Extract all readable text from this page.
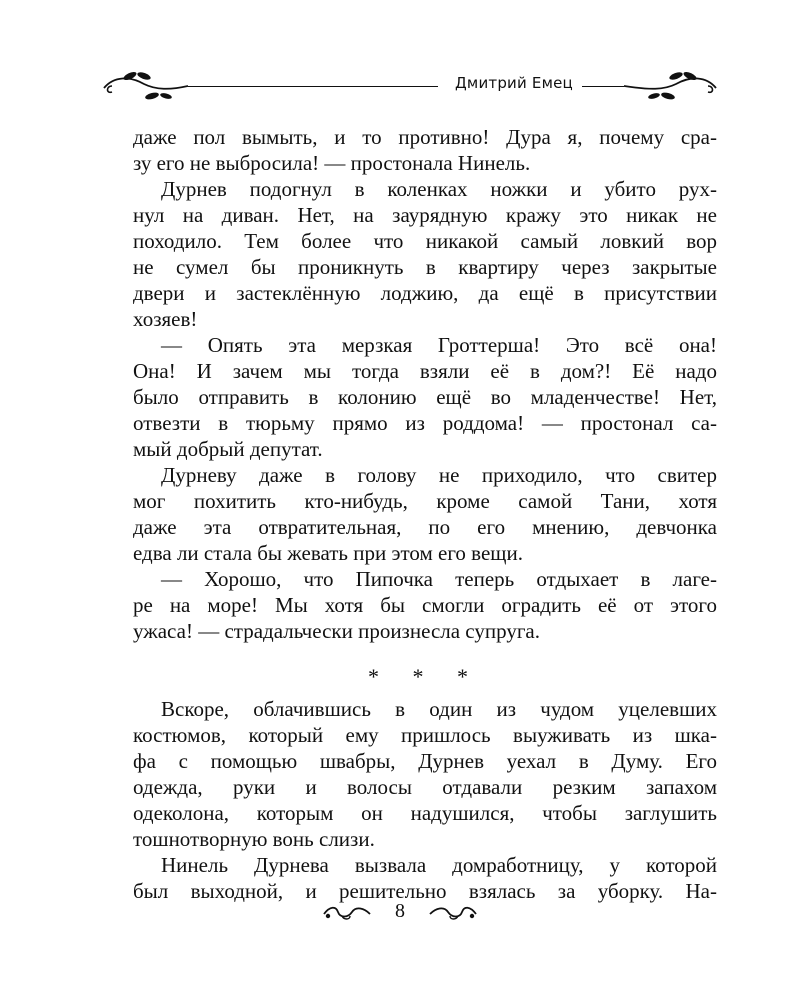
Дмитрий Емец
даже пол вымыть, и то противно! Дура я, почему сра-
зу его не выбросила! — простонала Нинель.
Дурнев подогнул в коленках ножки и убито рух-
нул на диван. Нет, на заурядную кражу это никак не
походило. Тем более что никакой самый ловкий вор
не сумел бы проникнуть в квартиру через закрытые
двери и застеклённую лоджию, да ещё в присутствии
хозяев!
— Опять эта мерзкая Гроттерша! Это всё она!
Она! И зачем мы тогда взяли её в дом?! Её надо
было отправить в колонию ещё во младенчестве! Нет,
отвезти в тюрьму прямо из роддома! — простонал са-
мый добрый депутат.
Дурневу даже в голову не приходило, что свитер
мог похитить кто-нибудь, кроме самой Тани, хотя
даже эта отвратительная, по его мнению, девчонка
едва ли стала бы жевать при этом его вещи.
— Хорошо, что Пипочка теперь отдыхает в лаге-
ре на море! Мы хотя бы смогли оградить её от этого
ужаса! — страдальчески произнесла супруга.
* * *
Вскоре, облачившись в один из чудом уцелевших
костюмов, который ему пришлось выуживать из шка-
фа с помощью швабры, Дурнев уехал в Думу. Его
одежда, руки и волосы отдавали резким запахом
одеколона, которым он надушился, чтобы заглушить
тошнотворную вонь слизи.
Нинель Дурнева вызвала домработницу, у которой
был выходной, и решительно взялась за уборку. На-
8
